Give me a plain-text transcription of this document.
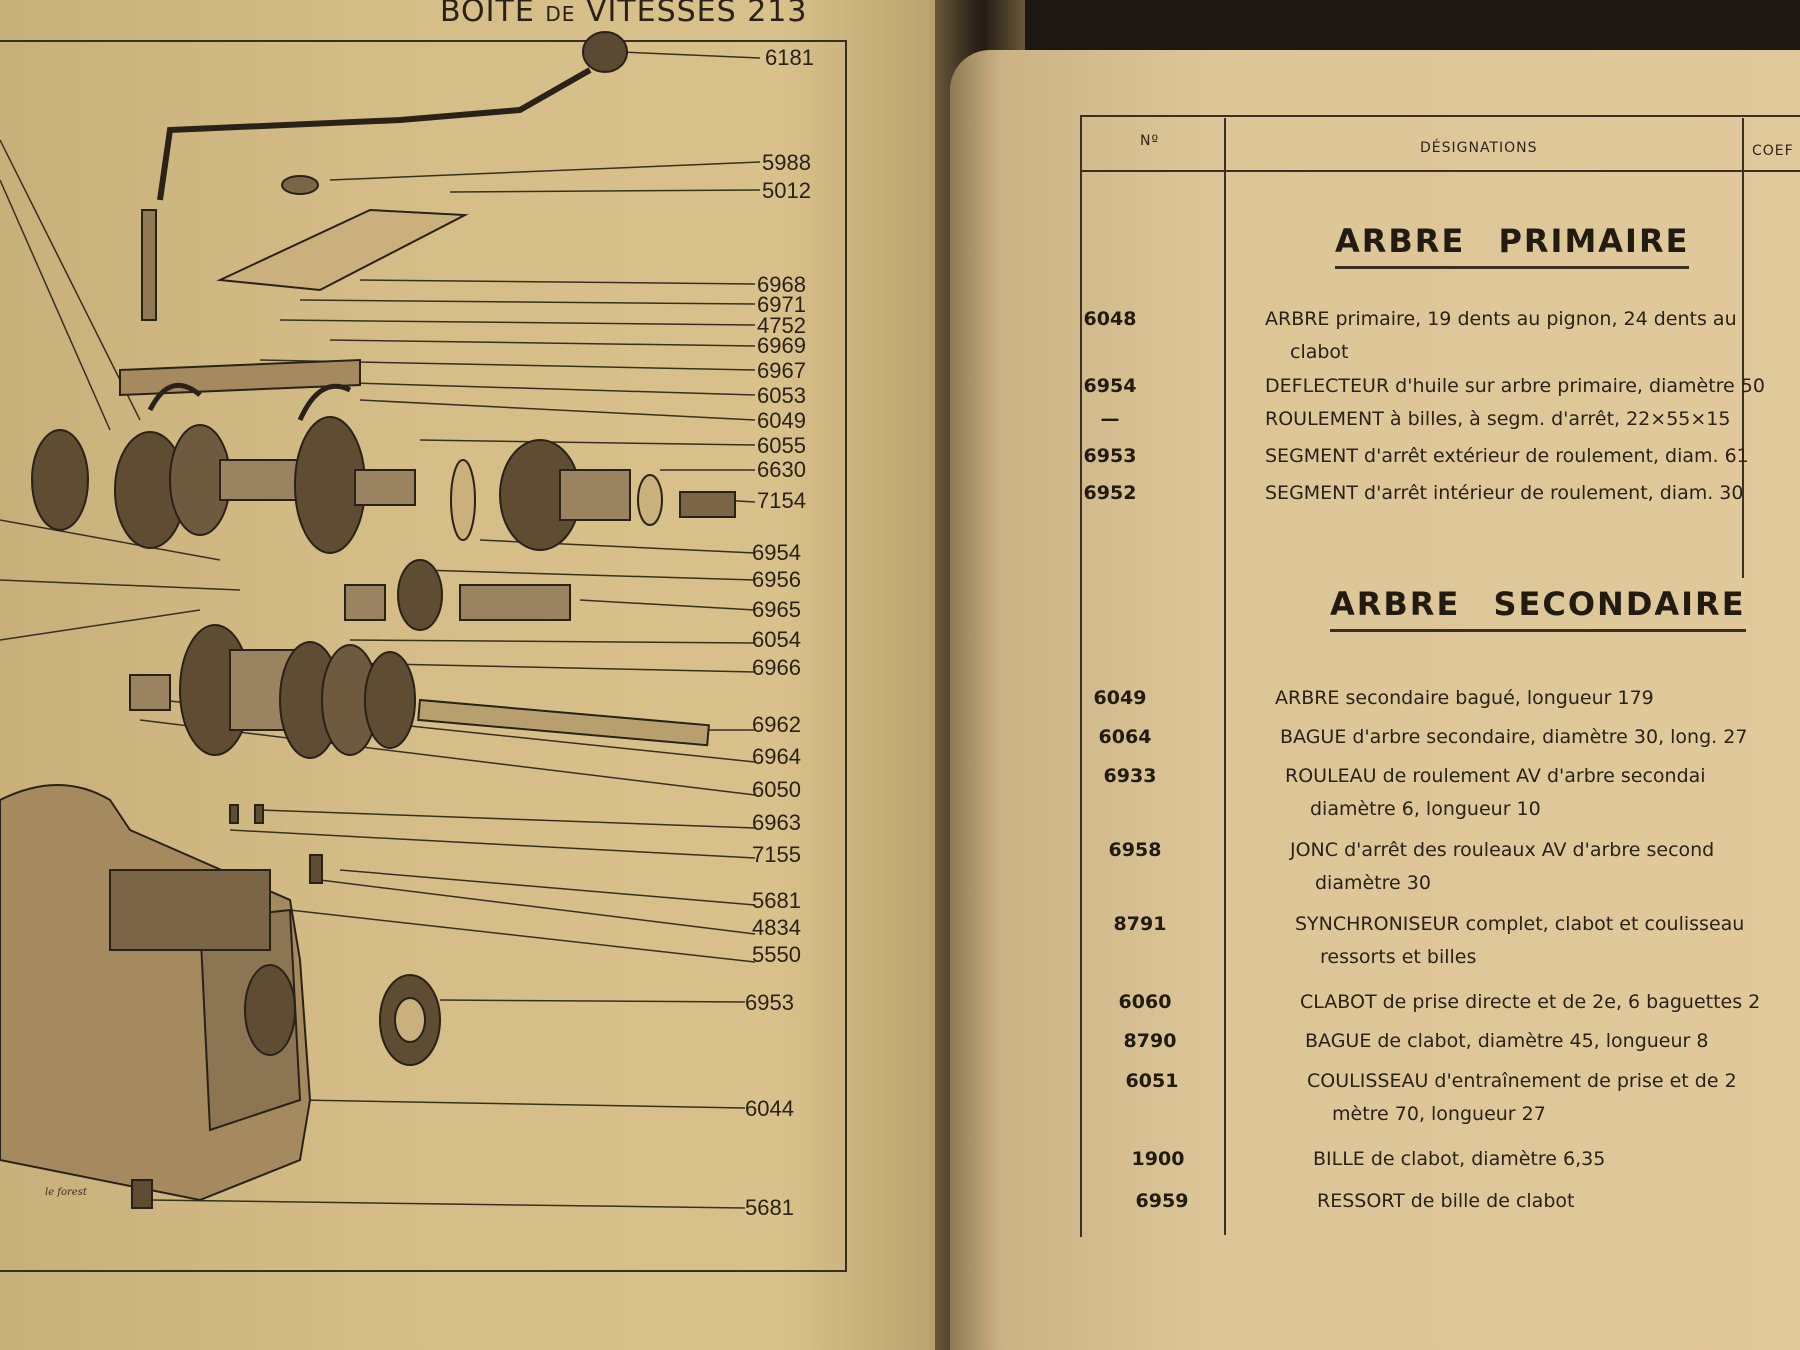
BOITE DE VITESSES 213
le forest
6181
5988
5012
6968
6971
4752
6969
6967
6053
6049
6055
6630
7154
6954
6956
6965
6054
6966
6962
6964
6050
6963
7155
5681
4834
5550
6953
6044
5681
Nº	DÉSIGNATIONS	COEF
ARBRE PRIMAIRE
6048	ARBRE primaire, 19 dents au pignon, 24 dents au
clabot
6954	DEFLECTEUR d'huile sur arbre primaire, diamètre 50
—	ROULEMENT à billes, à segm. d'arrêt, 22×55×15
6953	SEGMENT d'arrêt extérieur de roulement, diam. 61
6952	SEGMENT d'arrêt intérieur de roulement, diam. 30
ARBRE SECONDAIRE
6049	ARBRE secondaire bagué, longueur 179
6064	BAGUE d'arbre secondaire, diamètre 30, long. 27
6933	ROULEAU de roulement AV d'arbre secondai
diamètre 6, longueur 10
6958	JONC d'arrêt des rouleaux AV d'arbre second
diamètre 30
8791	SYNCHRONISEUR complet, clabot et coulisseau
ressorts et billes
6060	CLABOT de prise directe et de 2e, 6 baguettes 2
8790	BAGUE de clabot, diamètre 45, longueur 8
6051	COULISSEAU d'entraînement de prise et de 2
mètre 70, longueur 27
1900	BILLE de clabot, diamètre 6,35
6959	RESSORT de bille de clabot
